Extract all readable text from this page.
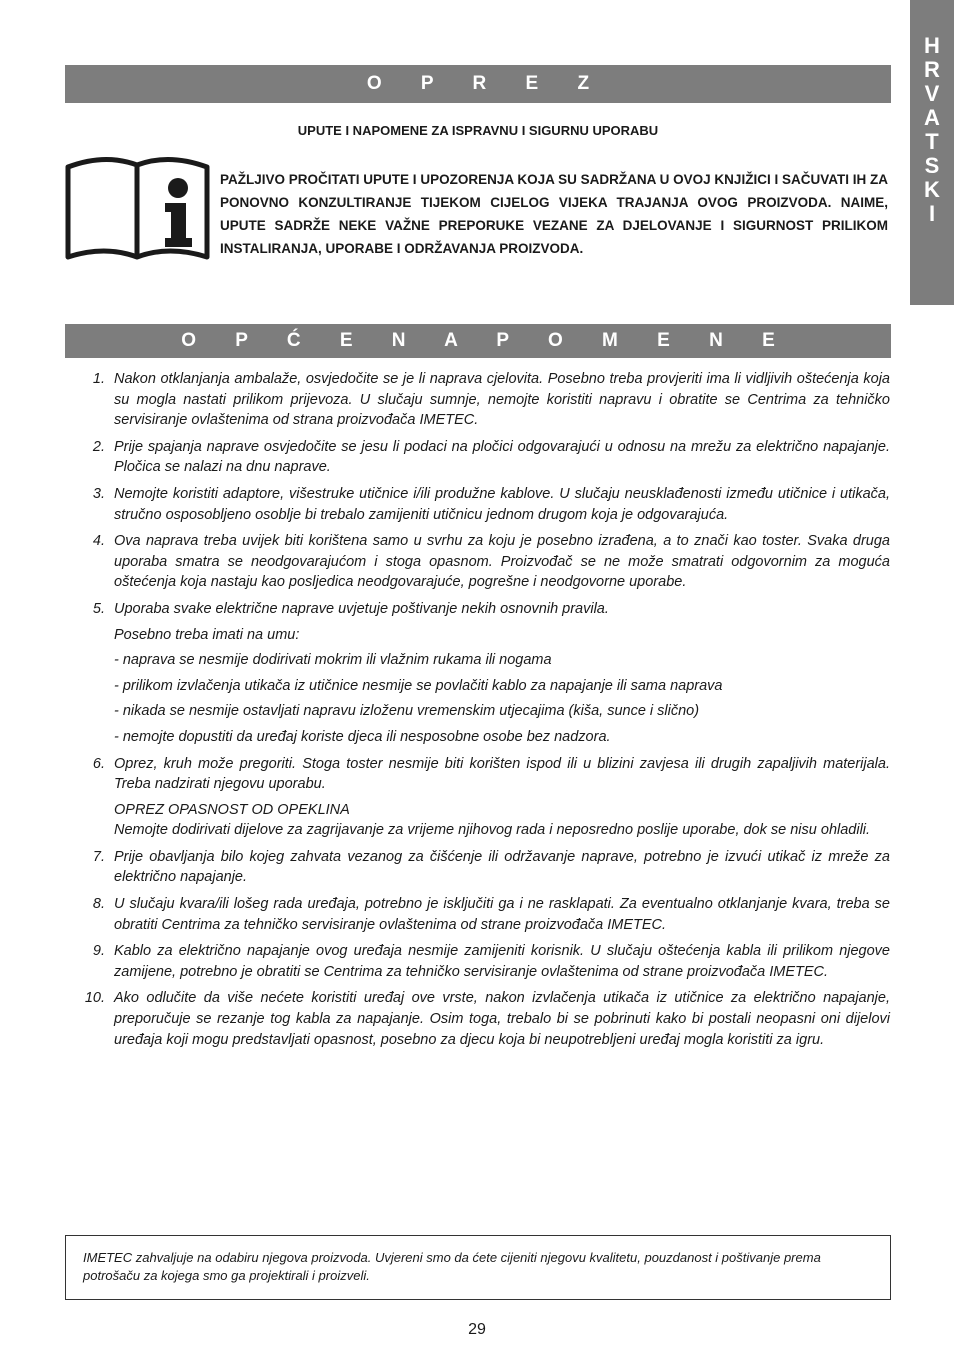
H
R
V
A
T
S
K
I
O P R E Z
UPUTE I NAPOMENE ZA ISPRAVNU I SIGURNU UPORABU
PAŽLJIVO PROČITATI UPUTE I UPOZORENJA KOJA SU SADRŽANA U OVOJ KNJIŽICI I SAČUVATI IH ZA PONOVNO KONZULTIRANJE TIJEKOM CIJELOG VIJEKA TRAJANJA OVOG PROIZVODA. NAIME, UPUTE SADRŽE NEKE VAŽNE PREPORUKE VEZANE ZA DJELOVANJE I SIGURNOST PRILIKOM INSTALIRANJA, UPORABE I ODRŽAVANJA PROIZVODA.
O P Ć E N A P O M E N E
1. Nakon otklanjanja ambalaže, osvjedočite se je li naprava cjelovita. Posebno treba provjeriti ima li vidljivih oštećenja koja su mogla nastati prilikom prijevoza. U slučaju sumnje, nemojte koristiti napravu i obratite se Centrima za tehničko servisiranje ovlaštenima od strana proizvođača IMETEC.
2. Prije spajanja naprave osvjedočite se jesu li podaci na pločici odgovarajući u odnosu na mrežu za električno napajanje. Pločica se nalazi na dnu naprave.
3. Nemojte koristiti adaptore, višestruke utičnice i/ili produžne kablove. U slučaju neusklađenosti između utičnice i utikača, stručno osposobljeno osoblje bi trebalo zamijeniti utičnicu jednom drugom koja je odgovarajuća.
4. Ova naprava treba uvijek biti korištena samo u svrhu za koju je posebno izrađena, a to znači kao toster. Svaka druga uporaba smatra se neodgovarajućom i stoga opasnom. Proizvođač se ne može smatrati odgovornim za moguća oštećenja koja nastaju kao posljedica neodgovarajuće, pogrešne i neodgovorne uporabe.
5. Uporaba svake električne naprave uvjetuje poštivanje nekih osnovnih pravila.
Posebno treba imati na umu:
- naprava se nesmije dodirivati mokrim ili vlažnim rukama ili nogama
- prilikom izvlačenja utikača iz utičnice nesmije se povlačiti kablo za napajanje ili sama naprava
- nikada se nesmije ostavljati napravu izloženu vremenskim utjecajima (kiša, sunce i slično)
- nemojte dopustiti da uređaj koriste djeca ili nesposobne osobe bez nadzora.
6. Oprez, kruh može pregoriti. Stoga toster nesmije biti korišten ispod ili u blizini zavjesa ili drugih zapaljivih materijala. Treba nadzirati njegovu uporabu.
OPREZ OPASNOST OD OPEKLINA
Nemojte dodirivati dijelove za zagrijavanje za vrijeme njihovog rada i neposredno poslije uporabe, dok se nisu ohladili.
7. Prije obavljanja bilo kojeg zahvata vezanog za čišćenje ili održavanje naprave, potrebno je izvući utikač iz mreže za električno napajanje.
8. U slučaju kvara/ili lošeg rada uređaja, potrebno je isključiti ga i ne rasklapati. Za eventualno otklanjanje kvara, treba se obratiti Centrima za tehničko servisiranje ovlaštenima od strane proizvođača IMETEC.
9. Kablo za električno napajanje ovog uređaja nesmije zamijeniti korisnik. U slučaju oštećenja kabla ili prilikom njegove zamijene, potrebno je obratiti se Centrima za tehničko servisiranje ovlaštenima od strane proizvođača IMETEC.
10. Ako odlučite da više nećete koristiti uređaj ove vrste, nakon izvlačenja utikača iz utičnice za električno napajanje, preporučuje se rezanje tog kabla za napajanje. Osim toga, trebalo bi se pobrinuti kako bi postali neopasni oni dijelovi uređaja koji mogu predstavljati opasnost, posebno za djecu koja bi neupotrebljeni uređaj mogla koristiti za igru.
IMETEC zahvaljuje na odabiru njegova proizvoda. Uvjereni smo da ćete cijeniti njegovu kvalitetu, pouzdanost i poštivanje prema potrošaču za kojega smo ga projektirali i proizveli.
29
